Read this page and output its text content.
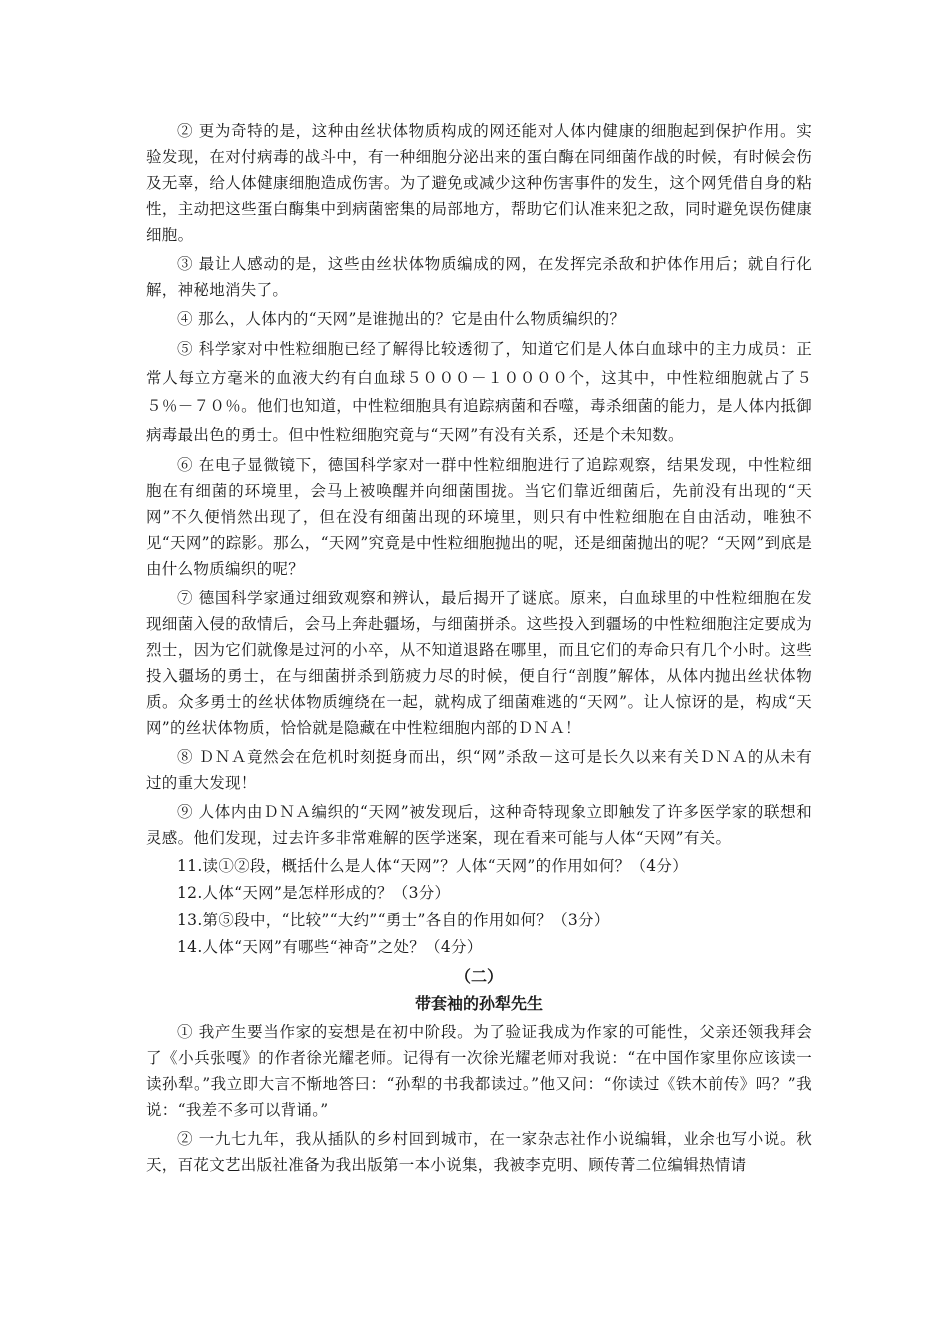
② 更为奇特的是，这种由丝状体物质构成的网还能对人体内健康的细胞起到保护作用。实验发现，在对付病毒的战斗中，有一种细胞分泌出来的蛋白酶在同细菌作战的时候，有时候会伤及无辜，给人体健康细胞造成伤害。为了避免或减少这种伤害事件的发生，这个网凭借自身的粘性，主动把这些蛋白酶集中到病菌密集的局部地方，帮助它们认准来犯之敌，同时避免误伤健康细胞。

③ 最让人感动的是，这些由丝状体物质编成的网，在发挥完杀敌和护体作用后；就自行化解，神秘地消失了。

④ 那么，人体内的“天网”是谁抛出的？它是由什么物质编织的？

⑤ 科学家对中性粒细胞已经了解得比较透彻了，知道它们是人体白血球中的主力成员：正常人每立方毫米的血液大约有白血球５０００－１００００个，这其中，中性粒细胞就占了５５％－７０％。他们也知道，中性粒细胞具有追踪病菌和吞噬，毒杀细菌的能力，是人体内抵御病毒最出色的勇士。但中性粒细胞究竟与“天网”有没有关系，还是个未知数。

⑥ 在电子显微镜下，德国科学家对一群中性粒细胞进行了追踪观察，结果发现，中性粒细胞在有细菌的环境里，会马上被唤醒并向细菌围拢。当它们靠近细菌后，先前没有出现的“天网”不久便悄然出现了，但在没有细菌出现的环境里，则只有中性粒细胞在自由活动，唯独不见“天网”的踪影。那么，“天网”究竟是中性粒细胞抛出的呢，还是细菌抛出的呢？“天网”到底是由什么物质编织的呢？

⑦ 德国科学家通过细致观察和辨认，最后揭开了谜底。原来，白血球里的中性粒细胞在发现细菌入侵的敌情后，会马上奔赴疆场，与细菌拼杀。这些投入到疆场的中性粒细胞注定要成为烈士，因为它们就像是过河的小卒，从不知道退路在哪里，而且它们的寿命只有几个小时。这些投入疆场的勇士，在与细菌拼杀到筋疲力尽的时候，便自行“剖腹”解体，从体内抛出丝状体物质。众多勇士的丝状体物质缠绕在一起，就构成了细菌难逃的“天网”。让人惊讶的是，构成“天网”的丝状体物质，恰恰就是隐藏在中性粒细胞内部的ＤＮＡ！

⑧ ＤＮＡ竟然会在危机时刻挺身而出，织“网”杀敌－这可是长久以来有关ＤＮＡ的从未有过的重大发现！

⑨ 人体内由ＤＮＡ编织的“天网”被发现后，这种奇特现象立即触发了许多医学家的联想和灵感。他们发现，过去许多非常难解的医学迷案，现在看来可能与人体“天网”有关。

11.读①②段，概括什么是人体“天网”？人体“天网”的作用如何？（4分）

12.人体“天网”是怎样形成的？（3分）

13.第⑤段中，“比较”“大约”“勇士”各自的作用如何？（3分）

14.人体“天网”有哪些“神奇”之处？（4分）

（二）
带套袖的孙犁先生

① 我产生要当作家的妄想是在初中阶段。为了验证我成为作家的可能性，父亲还领我拜会了《小兵张嘎》的作者徐光耀老师。记得有一次徐光耀老师对我说：“在中国作家里你应该读一读孙犁。”我立即大言不惭地答曰：“孙犁的书我都读过。”他又问：“你读过《铁木前传》吗？”我说：“我差不多可以背诵。”

② 一九七九年，我从插队的乡村回到城市，在一家杂志社作小说编辑，业余也写小说。秋天，百花文艺出版社准备为我出版第一本小说集，我被李克明、顾传菁二位编辑热情请
